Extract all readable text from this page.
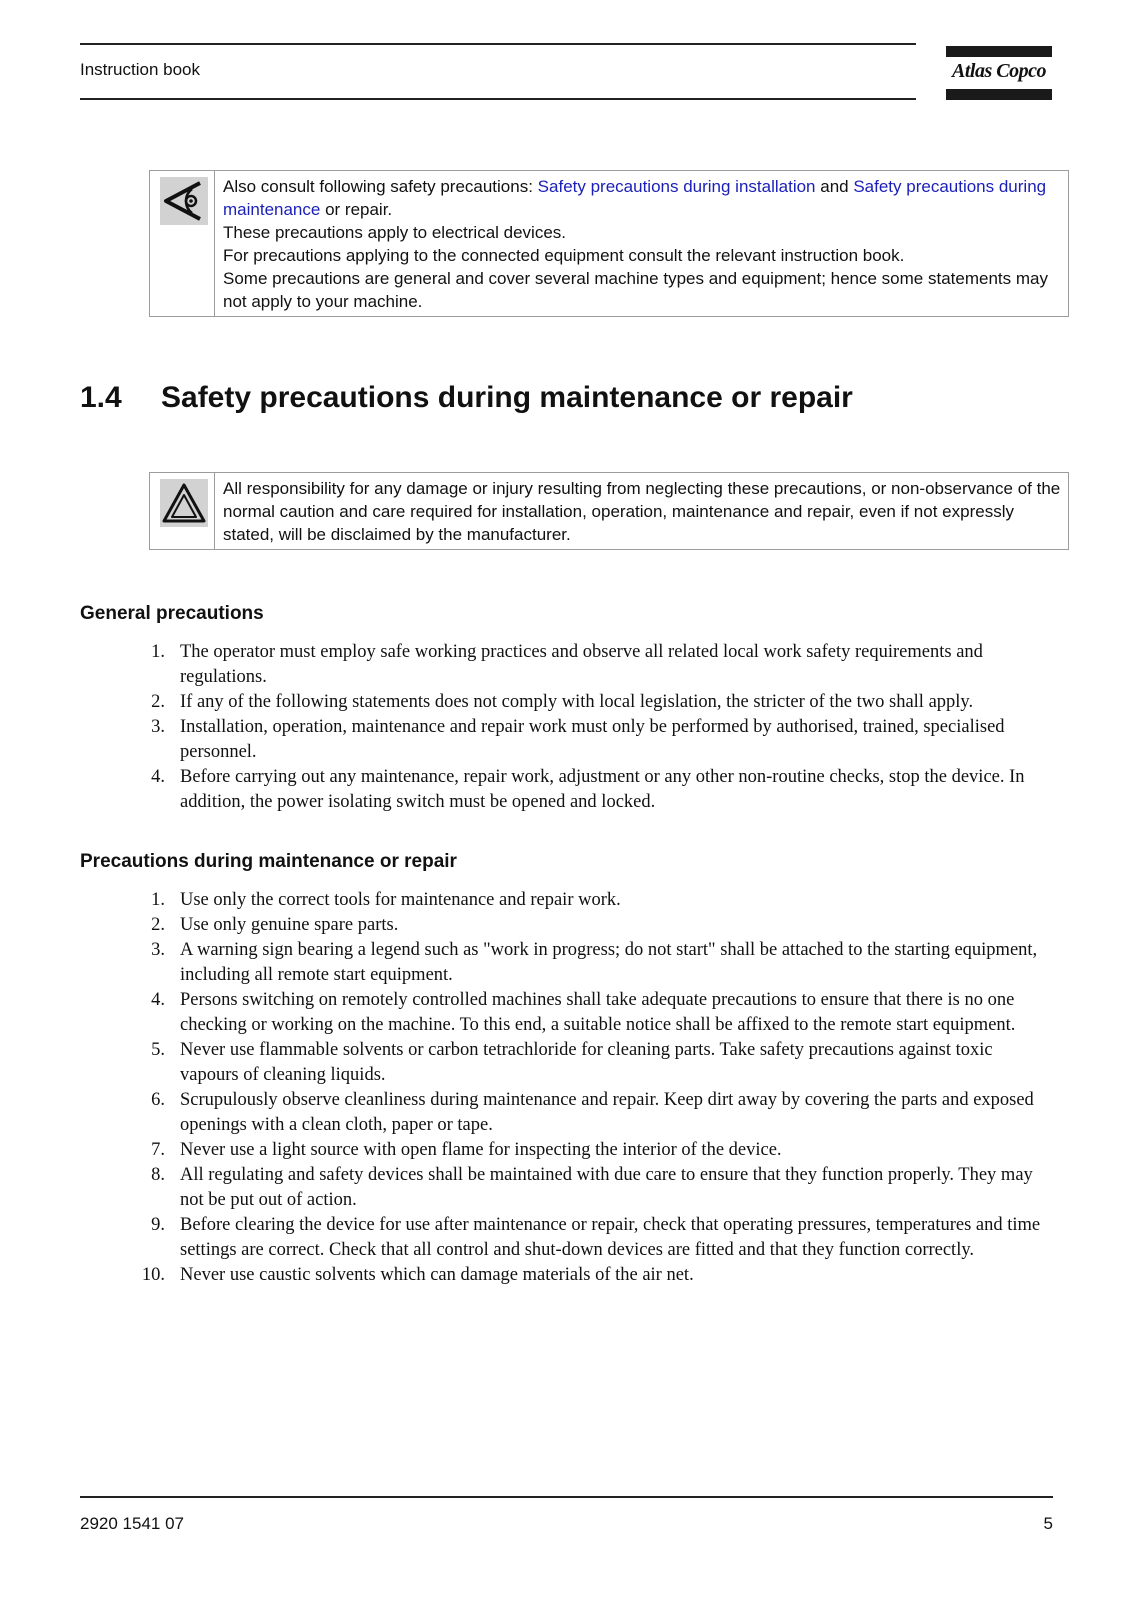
Instruction book	Atlas Copco
Also consult following safety precautions: Safety precautions during installation and Safety precautions during maintenance or repair.
These precautions apply to electrical devices.
For precautions applying to the connected equipment consult the relevant instruction book.
Some precautions are general and cover several machine types and equipment; hence some statements may not apply to your machine.
1.4 Safety precautions during maintenance or repair
All responsibility for any damage or injury resulting from neglecting these precautions, or non-observance of the normal caution and care required for installation, operation, maintenance and repair, even if not expressly stated, will be disclaimed by the manufacturer.
General precautions
1. The operator must employ safe working practices and observe all related local work safety requirements and regulations.
2. If any of the following statements does not comply with local legislation, the stricter of the two shall apply.
3. Installation, operation, maintenance and repair work must only be performed by authorised, trained, specialised personnel.
4. Before carrying out any maintenance, repair work, adjustment or any other non-routine checks, stop the device. In addition, the power isolating switch must be opened and locked.
Precautions during maintenance or repair
1. Use only the correct tools for maintenance and repair work.
2. Use only genuine spare parts.
3. A warning sign bearing a legend such as "work in progress; do not start" shall be attached to the starting equipment, including all remote start equipment.
4. Persons switching on remotely controlled machines shall take adequate precautions to ensure that there is no one checking or working on the machine. To this end, a suitable notice shall be affixed to the remote start equipment.
5. Never use flammable solvents or carbon tetrachloride for cleaning parts. Take safety precautions against toxic vapours of cleaning liquids.
6. Scrupulously observe cleanliness during maintenance and repair. Keep dirt away by covering the parts and exposed openings with a clean cloth, paper or tape.
7. Never use a light source with open flame for inspecting the interior of the device.
8. All regulating and safety devices shall be maintained with due care to ensure that they function properly. They may not be put out of action.
9. Before clearing the device for use after maintenance or repair, check that operating pressures, temperatures and time settings are correct. Check that all control and shut-down devices are fitted and that they function correctly.
10. Never use caustic solvents which can damage materials of the air net.
2920 1541 07	5
